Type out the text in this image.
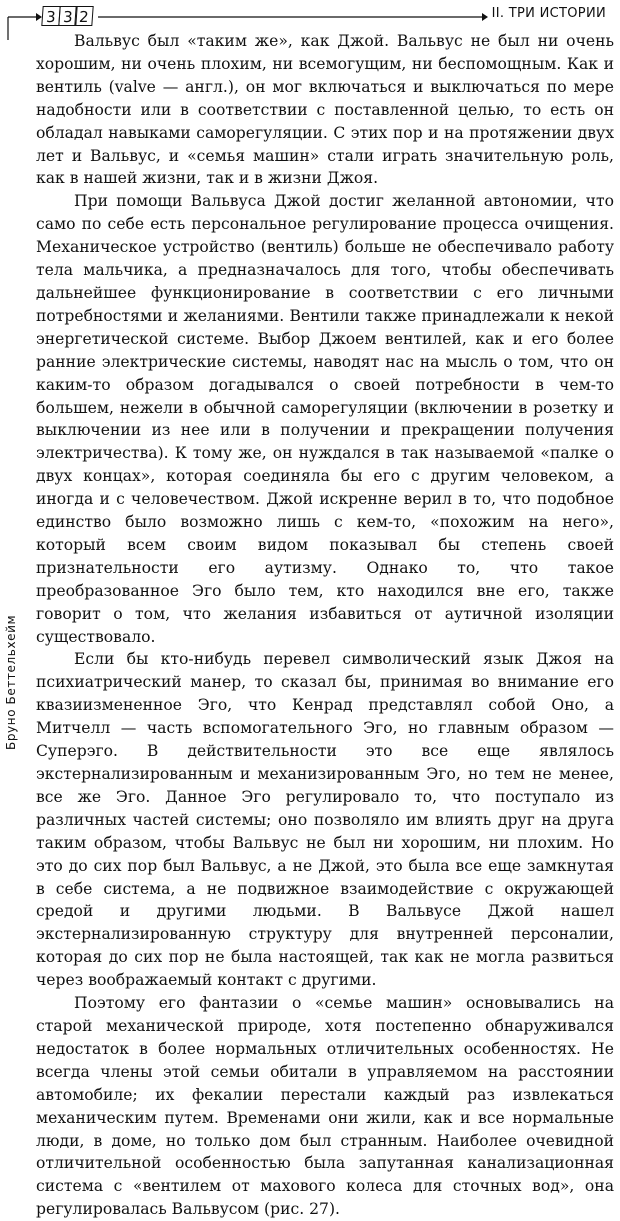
3 3 2	II. ТРИ ИСТОРИИ
Бруно Беттельхейм

Вальвус был «таким же», как Джой. Вальвус не был ни очень хорошим, ни очень плохим, ни всемогущим, ни беспомощным. Как и вентиль (valve — англ.), он мог включаться и выключаться по мере надобности или в соответствии с поставленной целью, то есть он обладал навыками саморегуляции. С этих пор и на протяжении двух лет и Вальвус, и «семья машин» стали играть значительную роль, как в нашей жизни, так и в жизни Джоя.

При помощи Вальвуса Джой достиг желанной автономии, что само по себе есть персональное регулирование процесса очищения. Механическое устройство (вентиль) больше не обеспечивало работу тела мальчика, а предназначалось для того, чтобы обеспечивать дальнейшее функционирование в соответствии с его личными потребностями и желаниями. Вентили также принадлежали к некой энергетической системе. Выбор Джоем вентилей, как и его более ранние электрические системы, наводят нас на мысль о том, что он каким-то образом догадывался о своей потребности в чем-то большем, нежели в обычной саморегуляции (включении в розетку и выключении из нее или в получении и прекращении получения электричества). К тому же, он нуждался в так называемой «палке о двух концах», которая соединяла бы его с другим человеком, а иногда и с человечеством. Джой искренне верил в то, что подобное единство было возможно лишь с кем-то, «похожим на него», который всем своим видом показывал бы степень своей признательности его аутизму. Однако то, что такое преобразованное Эго было тем, кто находился вне его, также говорит о том, что желания избавиться от аутичной изоляции существовало.

Если бы кто-нибудь перевел символический язык Джоя на психиатрический манер, то сказал бы, принимая во внимание его квазиизмененное Эго, что Кенрад представлял собой Оно, а Митчелл — часть вспомогательного Эго, но главным образом — Суперэго. В действительности это все еще являлось экстернализированным и механизированным Эго, но тем не менее, все же Эго. Данное Эго регулировало то, что поступало из различных частей системы; оно позволяло им влиять друг на друга таким образом, чтобы Вальвус не был ни хорошим, ни плохим. Но это до сих пор был Вальвус, а не Джой, это была все еще замкнутая в себе система, а не подвижное взаимодействие с окружающей средой и другими людьми. В Вальвусе Джой нашел экстернализированную структуру для внутренней персоналии, которая до сих пор не была настоящей, так как не могла развиться через воображаемый контакт с другими.

Поэтому его фантазии о «семье машин» основывались на старой механической природе, хотя постепенно обнаруживался недостаток в более нормальных отличительных особенностях. Не всегда члены этой семьи обитали в управляемом на расстоянии автомобиле; их фекалии перестали каждый раз извлекаться механическим путем. Временами они жили, как и все нормальные люди, в доме, но только дом был странным. Наиболее очевидной отличительной особенностью была запутанная канализационная система с «вентилем от махового колеса для сточных вод», она регулировалась Вальвусом (рис. 27).
